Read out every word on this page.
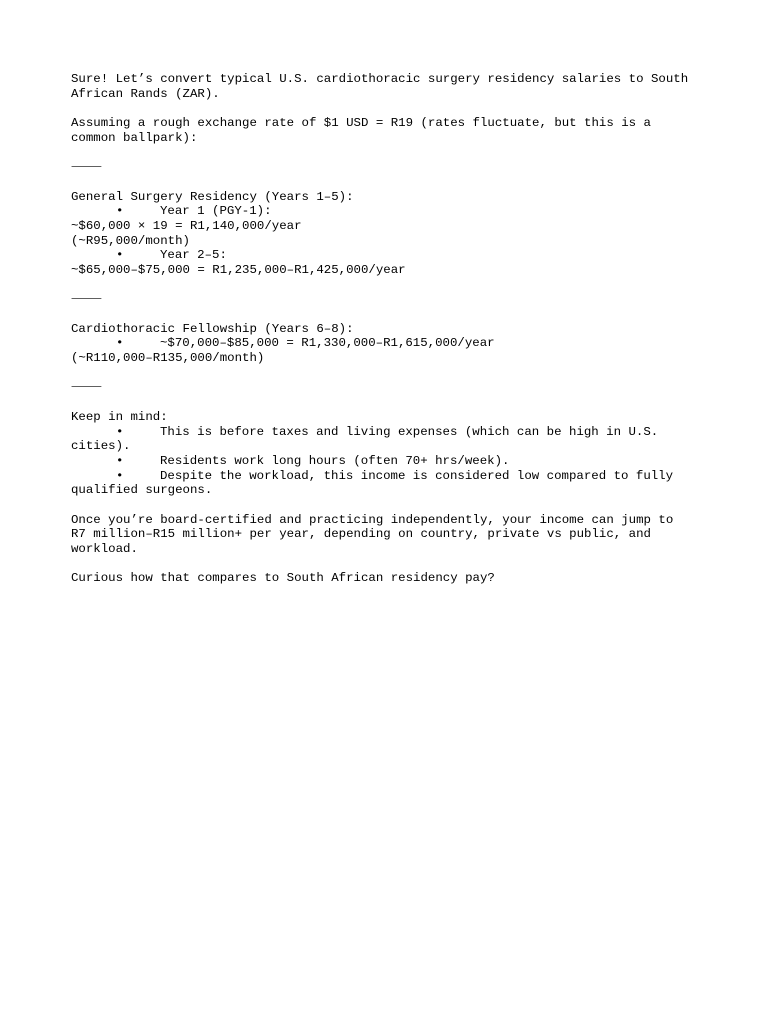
Sure! Let’s convert typical U.S. cardiothoracic surgery residency salaries to South
African Rands (ZAR).
Assuming a rough exchange rate of $1 USD = R19 (rates fluctuate, but this is a
common ballpark):
⸻
General Surgery Residency (Years 1–5):
•	Year 1 (PGY-1):
~$60,000 × 19 = R1,140,000/year
(~R95,000/month)
•	Year 2–5:
~$65,000–$75,000 = R1,235,000–R1,425,000/year
⸻
Cardiothoracic Fellowship (Years 6–8):
•	~$70,000–$85,000 = R1,330,000–R1,615,000/year
(~R110,000–R135,000/month)
⸻
Keep in mind:
•	This is before taxes and living expenses (which can be high in U.S.
cities).
•	Residents work long hours (often 70+ hrs/week).
•	Despite the workload, this income is considered low compared to fully
qualified surgeons.
Once you’re board-certified and practicing independently, your income can jump to
R7 million–R15 million+ per year, depending on country, private vs public, and
workload.
Curious how that compares to South African residency pay?
